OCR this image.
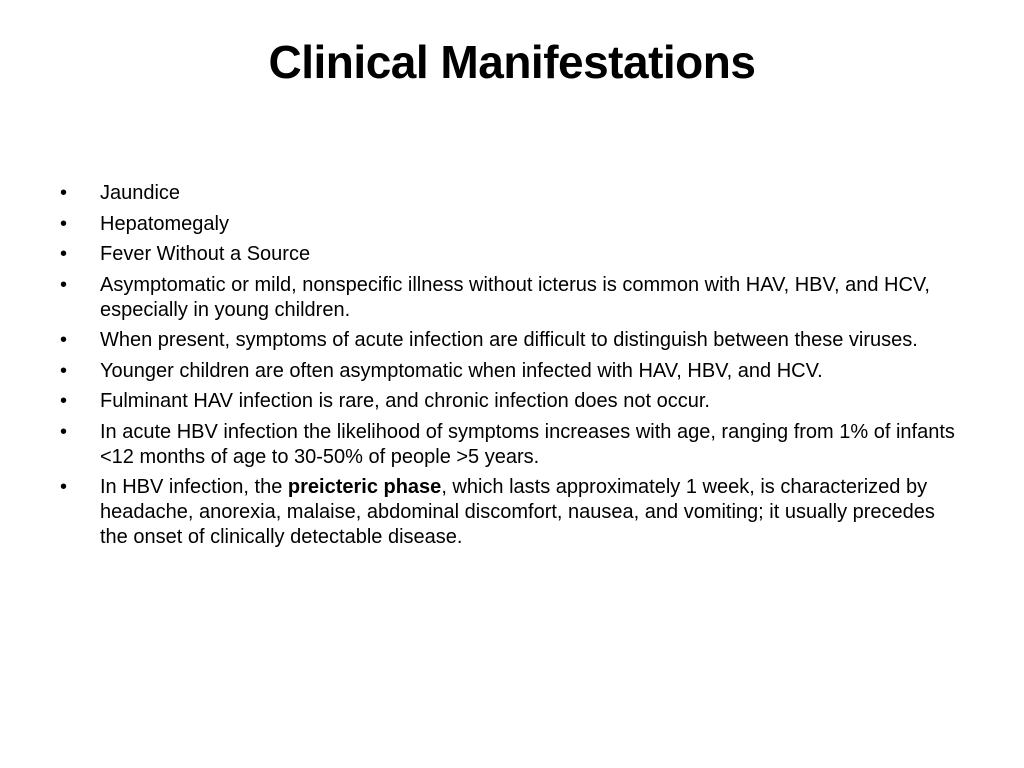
Clinical Manifestations
•	Jaundice
•	Hepatomegaly
•	Fever Without a Source
•	Asymptomatic or mild, nonspecific illness without icterus is common with HAV, HBV, and HCV, especially in young children.
•	When present, symptoms of acute infection are difficult to distinguish between these viruses.
•	Younger children are often asymptomatic when infected with HAV, HBV, and HCV.
•	Fulminant HAV infection is rare, and chronic infection does not occur.
•	In acute HBV infection the likelihood of symptoms increases with age, ranging from 1% of infants <12 months of age to 30-50% of people >5 years.
•	In HBV infection, the preicteric phase, which lasts approximately 1 week, is characterized by headache, anorexia, malaise, abdominal discomfort, nausea, and vomiting; it usually precedes the onset of clinically detectable disease.
